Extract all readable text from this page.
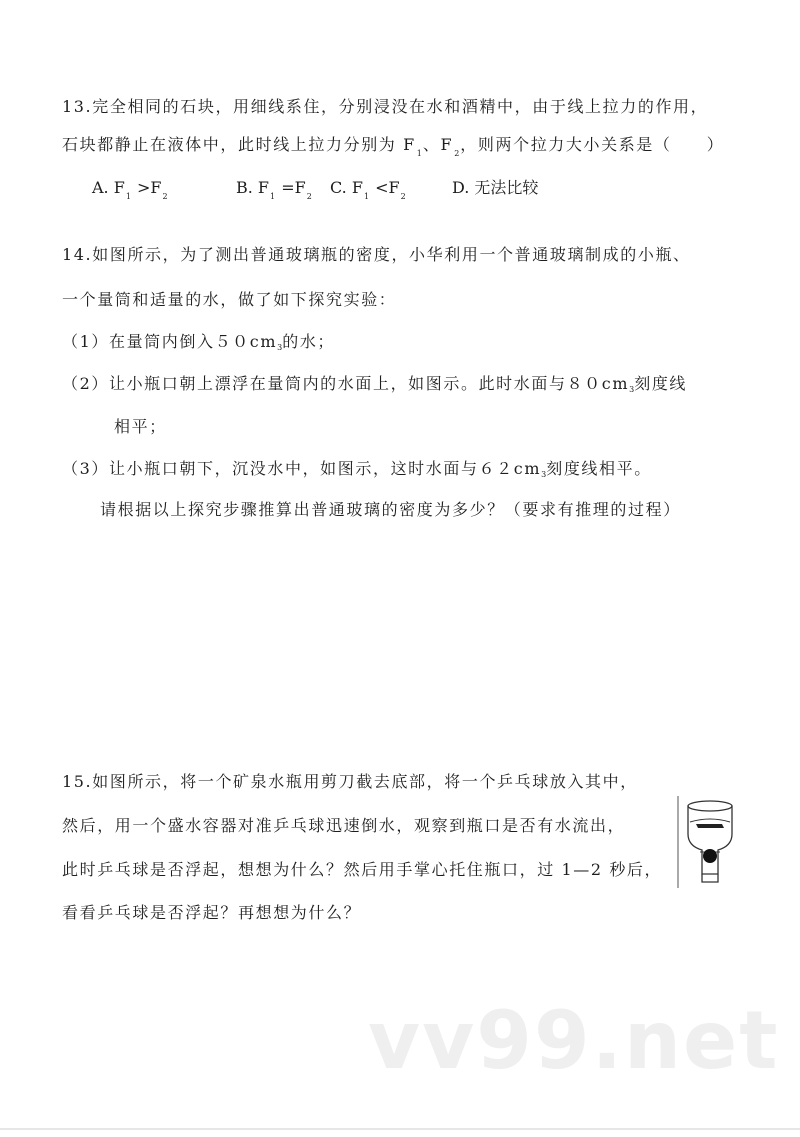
13.完全相同的石块，用细线系住，分别浸没在水和酒精中，由于线上拉力的作用，
石块都静止在液体中，此时线上拉力分别为 $F_1$、$F_2$，则两个拉力大小关系是（　　）
A. $F_1 >F_2$	B. $F_1 =F_2$ C. $F_1 <F_2$	D. 无法比较
14.如图所示，为了测出普通玻璃瓶的密度，小华利用一个普通玻璃制成的小瓶、
一个量筒和适量的水，做了如下探究实验：
（1）在量筒内倒入５０cm3的水；
（2）让小瓶口朝上漂浮在量筒内的水面上，如图示。此时水面与８０cm3刻度线
相平；
（3）让小瓶口朝下，沉没水中，如图示，这时水面与６２cm3刻度线相平。
请根据以上探究步骤推算出普通玻璃的密度为多少？（要求有推理的过程）
15.如图所示，将一个矿泉水瓶用剪刀截去底部，将一个乒乓球放入其中，
然后，用一个盛水容器对准乒乓球迅速倒水，观察到瓶口是否有水流出，
此时乒乓球是否浮起，想想为什么？然后用手掌心托住瓶口，过 1—2 秒后，
看看乒乓球是否浮起？再想想为什么？
vv99.net
